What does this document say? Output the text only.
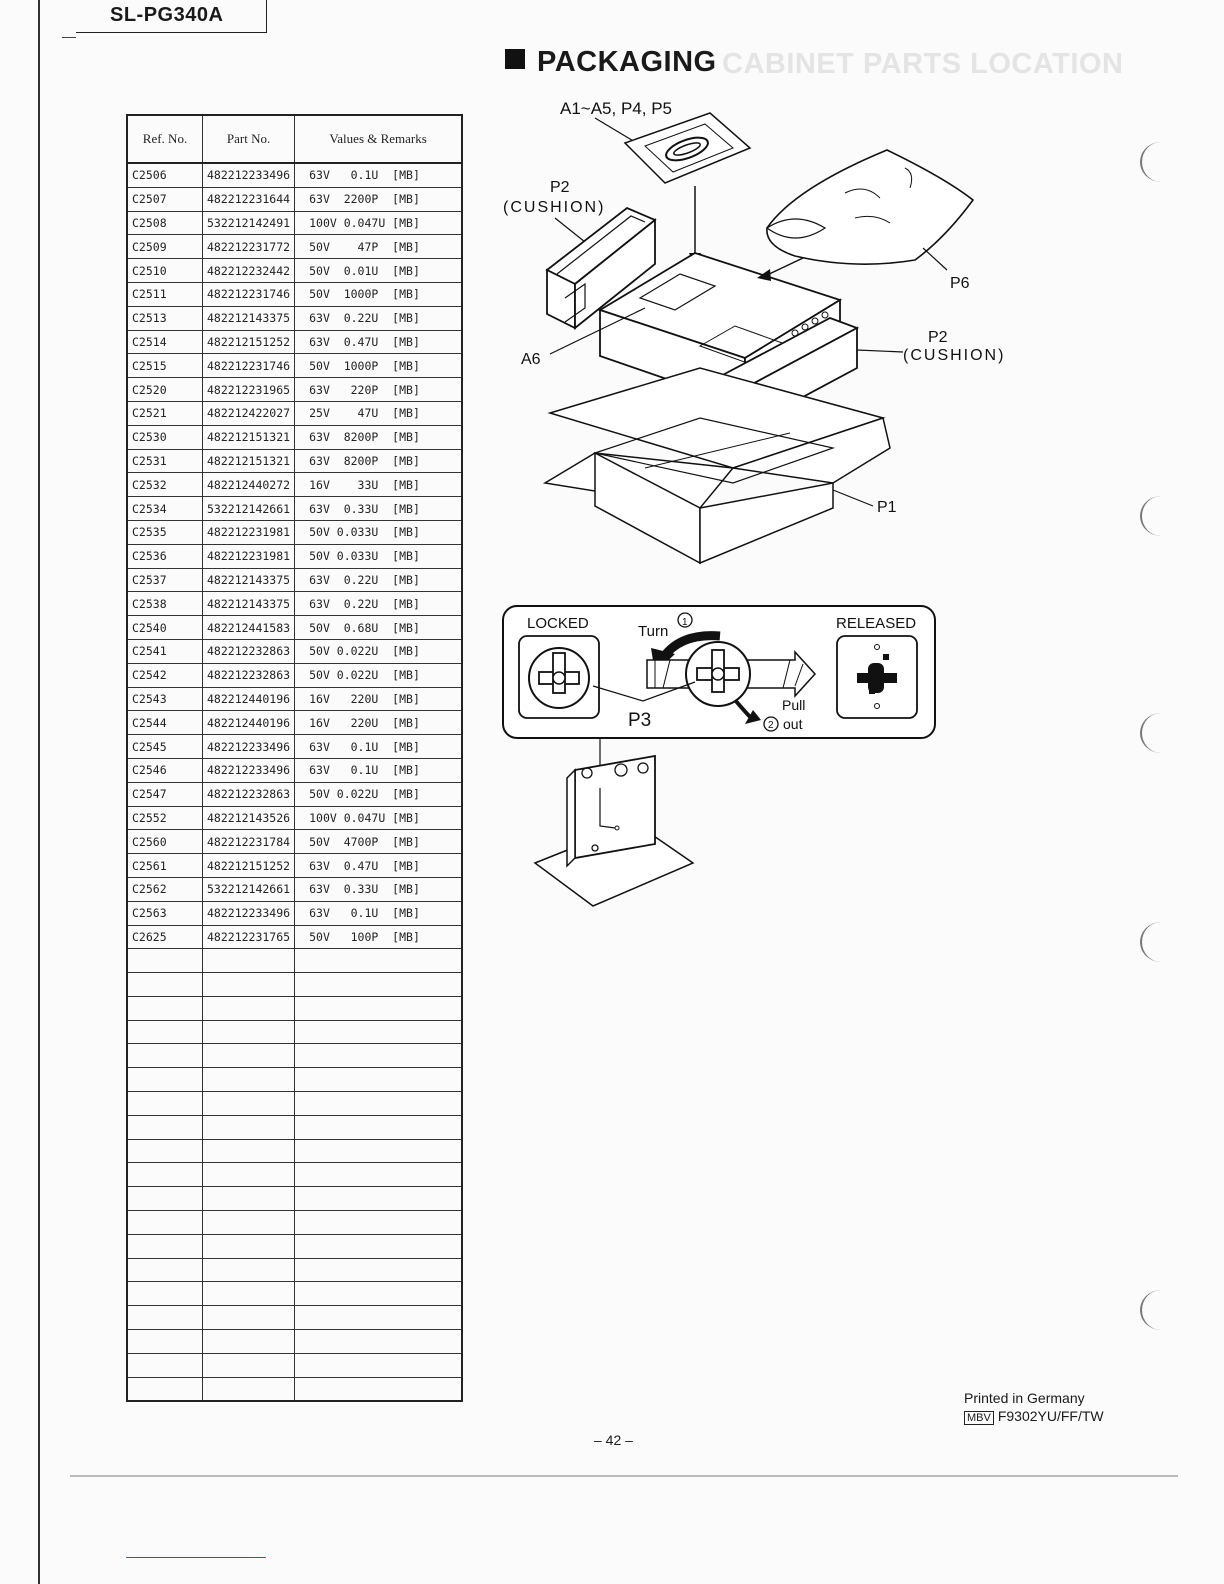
SL-PG340A
CABINET PARTS LOCATION
PACKAGING
Ref. No.	Part No.	Values & Remarks
C2506	482212233496	63V   0.1U  [MB]
C2507	482212231644	63V  2200P  [MB]
C2508	532212142491	100V 0.047U [MB]
C2509	482212231772	50V    47P  [MB]
C2510	482212232442	50V  0.01U  [MB]
C2511	482212231746	50V  1000P  [MB]
C2513	482212143375	63V  0.22U  [MB]
C2514	482212151252	63V  0.47U  [MB]
C2515	482212231746	50V  1000P  [MB]
C2520	482212231965	63V   220P  [MB]
C2521	482212422027	25V    47U  [MB]
C2530	482212151321	63V  8200P  [MB]
C2531	482212151321	63V  8200P  [MB]
C2532	482212440272	16V    33U  [MB]
C2534	532212142661	63V  0.33U  [MB]
C2535	482212231981	50V 0.033U  [MB]
C2536	482212231981	50V 0.033U  [MB]
C2537	482212143375	63V  0.22U  [MB]
C2538	482212143375	63V  0.22U  [MB]
C2540	482212441583	50V  0.68U  [MB]
C2541	482212232863	50V 0.022U  [MB]
C2542	482212232863	50V 0.022U  [MB]
C2543	482212440196	16V   220U  [MB]
C2544	482212440196	16V   220U  [MB]
C2545	482212233496	63V   0.1U  [MB]
C2546	482212233496	63V   0.1U  [MB]
C2547	482212232863	50V 0.022U  [MB]
C2552	482212143526	100V 0.047U [MB]
C2560	482212231784	50V  4700P  [MB]
C2561	482212151252	63V  0.47U  [MB]
C2562	532212142661	63V  0.33U  [MB]
C2563	482212233496	63V   0.1U  [MB]
C2625	482212231765	50V   100P  [MB]

A1~A5, P4, P5
P2
(CUSHION)
P6
P2
(CUSHION)
A6
P1
LOCKED	RELEASED
Turn
1
Pull
2 out
P3
Printed in Germany
MBV F9302YU/FF/TW
– 42 –
